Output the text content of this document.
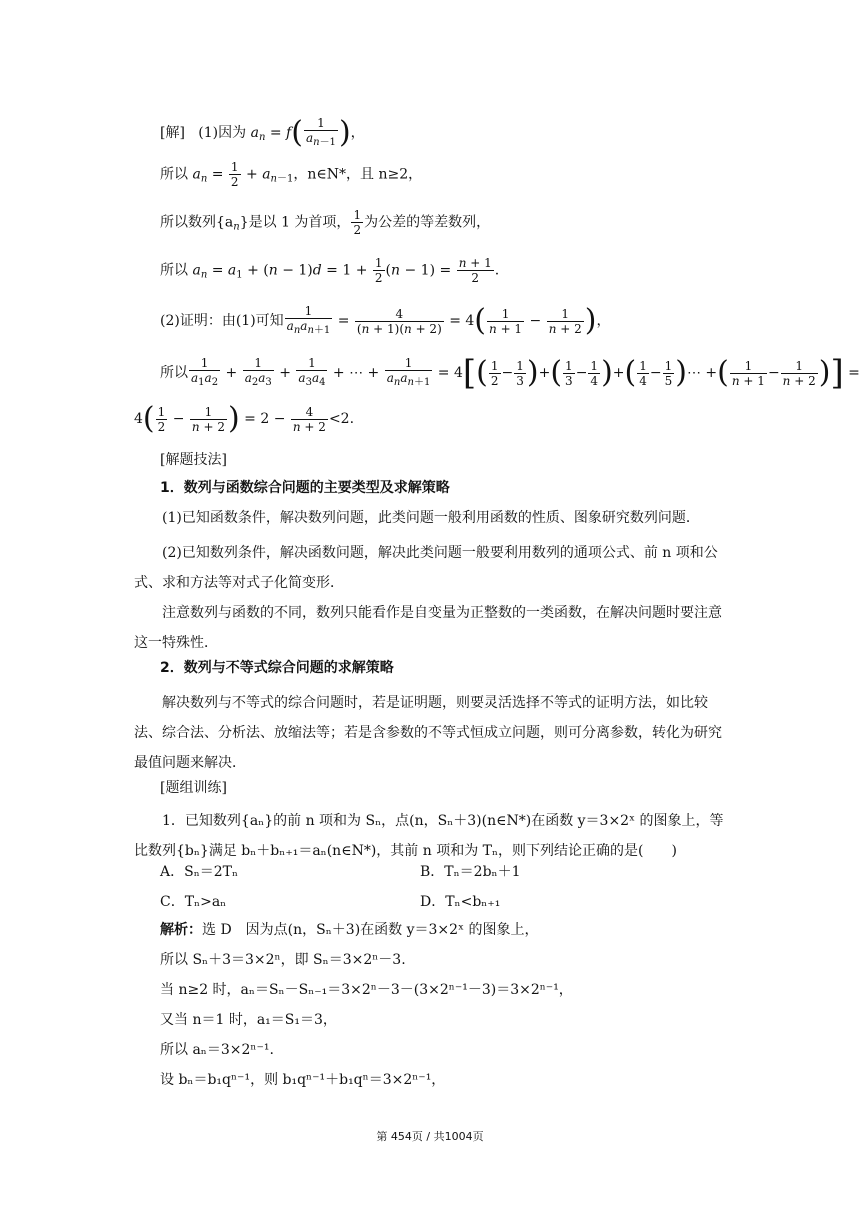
[解] (1)因为 $a_n = f( \frac{1}{a_{n-1}}$ )，
所以 $a_n = \frac{1}{2} + a_{n-1}$，n∈N*，且 n≥2，
所以数列$\{a_n\}$是以 1 为首项， $\frac{1}{2}$ 为公差的等差数列，
所以 $a_n = a_1 + (n - 1)d = 1 + \frac{1}{2} (n - 1) = \frac{n + 1}{2}$ .
(2)证明：由(1)可知 $\frac{1}{a_na_{n+1}} = \frac{4}{(n + 1)(n + 2)} = 4( \frac{1}{n + 1} - \frac{1}{n + 2}$ )，
所以 $\frac{1}{a_1a_2} + \frac{1}{a_2a_3} + \frac{1}{a_3a_4}$ + ⋯ + $\frac{1}{a_na_{n+1}} = 4[( \frac{1}{2} - \frac{1}{3}$ )+( $\frac{1}{3} - \frac{1}{4}$ )+( $\frac{1}{4} - \frac{1}{5}$ )⋯ +( $\frac{1}{n + 1} - \frac{1}{n + 2}$ )] =
$4( \frac{1}{2} - \frac{1}{n + 2}$ ) = $2 - \frac{4}{n + 2} <2$.
[解题技法]
1．数列与函数综合问题的主要类型及求解策略
(1)已知函数条件，解决数列问题，此类问题一般利用函数的性质、图象研究数列问题．
(2)已知数列条件，解决函数问题，解决此类问题一般要利用数列的通项公式、前 n 项和公式、求和方法等对式子化简变形．
注意数列与函数的不同，数列只能看作是自变量为正整数的一类函数，在解决问题时要注意这一特殊性．
2．数列与不等式综合问题的求解策略
解决数列与不等式的综合问题时，若是证明题，则要灵活选择不等式的证明方法，如比较法、综合法、分析法、放缩法等；若是含参数的不等式恒成立问题，则可分离参数，转化为研究最值问题来解决．
[题组训练]
1．已知数列{aₙ}的前 n 项和为 Sₙ，点(n，Sₙ＋3)(n∈N*)在函数 y＝3×2ˣ 的图象上，等比数列{bₙ}满足 bₙ＋bₙ₊₁＝aₙ(n∈N*)，其前 n 项和为 Tₙ，则下列结论正确的是(　　)
A．Sₙ＝2Tₙ	B．Tₙ＝2bₙ＋1
C．Tₙ>aₙ	D．Tₙ<bₙ₊₁
解析：选 D　因为点(n，Sₙ＋3)在函数 y＝3×2ˣ 的图象上，
所以 Sₙ＋3＝3×2ⁿ，即 Sₙ＝3×2ⁿ－3.
当 n≥2 时，aₙ＝Sₙ－Sₙ₋₁＝3×2ⁿ－3－(3×2ⁿ⁻¹－3)＝3×2ⁿ⁻¹，
又当 n＝1 时，a₁＝S₁＝3，
所以 aₙ＝3×2ⁿ⁻¹.
设 bₙ＝b₁qⁿ⁻¹，则 b₁qⁿ⁻¹＋b₁qⁿ＝3×2ⁿ⁻¹，
第 454页 / 共1004页
